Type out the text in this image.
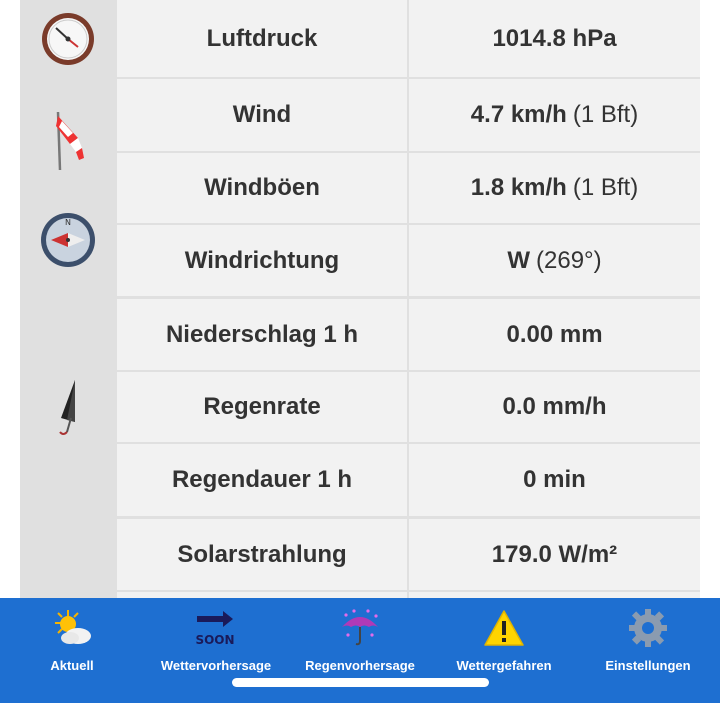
Luftdruck	1014.8 hPa
N
Wind	4.7 km/h (1 Bft)
Windböen	1.8 km/h (1 Bft)
Windrichtung	W (269°)
Niederschlag 1 h	0.00 mm
Regenrate	0.0 mm/h
Regendauer 1 h	0 min
Solarstrahlung	179.0 W/m²
Aktuell
SOON
Wettervorhersage	Regenvorhersage	Wettergefahren	Einstellungen
